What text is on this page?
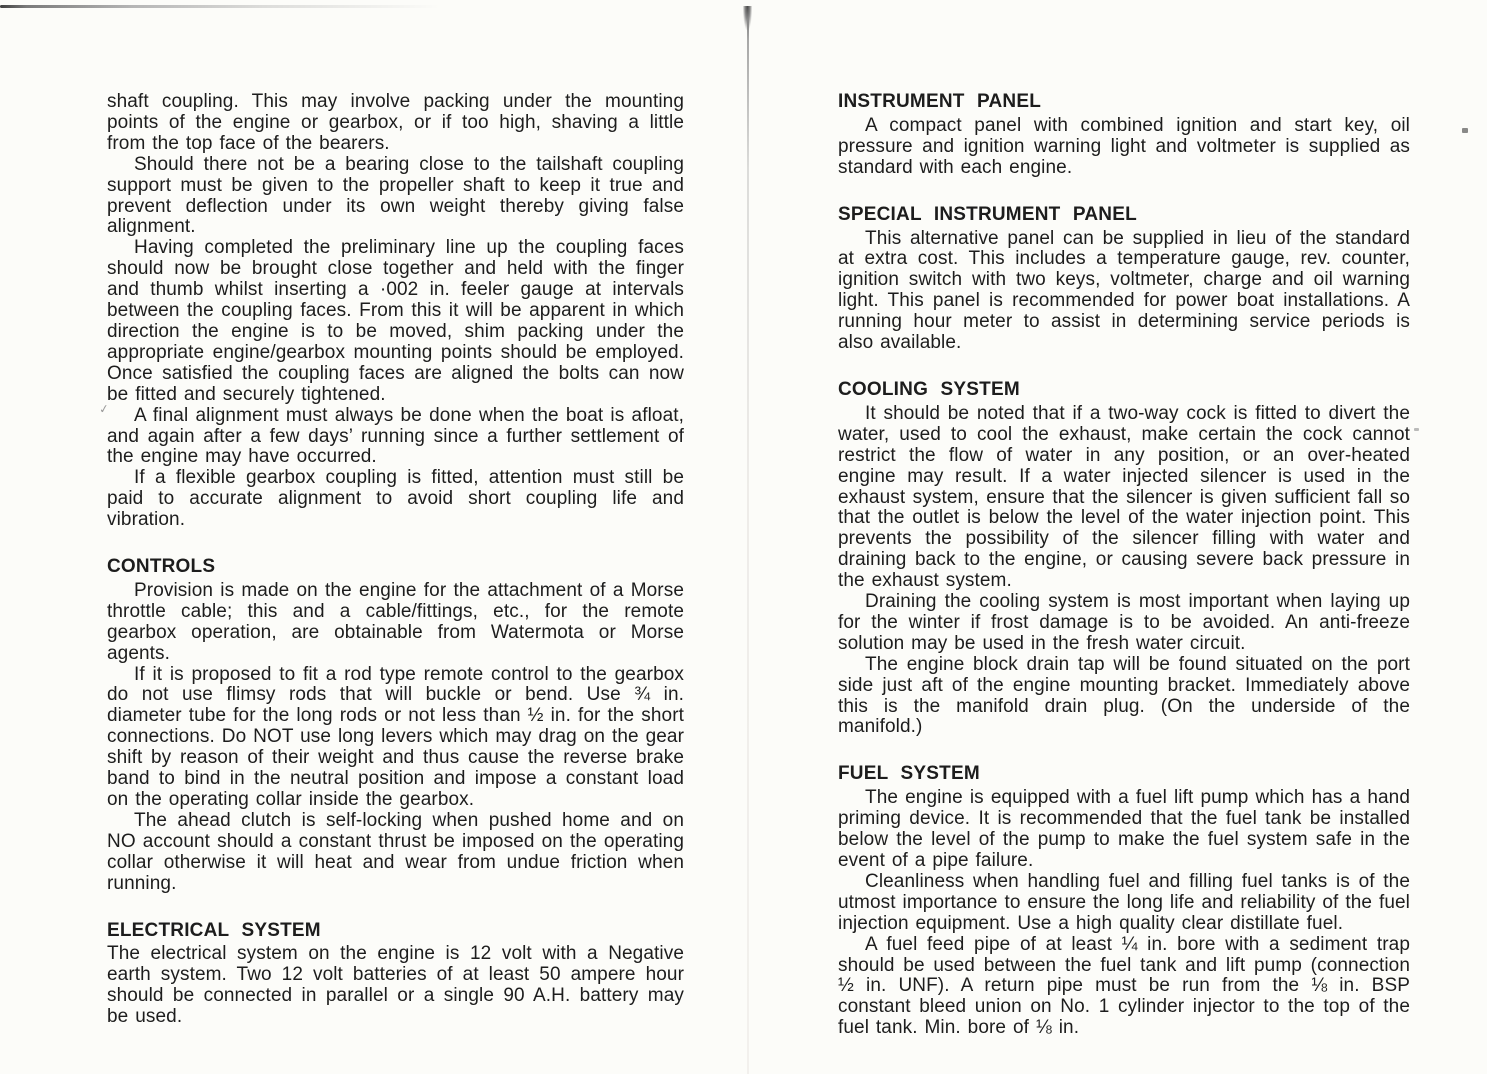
✓

shaft coupling. This may involve packing under the mounting points of the engine or gearbox, or if too high, shaving a little from the top face of the bearers.

Should there not be a bearing close to the tailshaft coupling support must be given to the propeller shaft to keep it true and prevent deflection under its own weight thereby giving false alignment.

Having completed the preliminary line up the coupling faces should now be brought close together and held with the finger and thumb whilst inserting a ·002 in. feeler gauge at intervals between the coupling faces. From this it will be apparent in which direction the engine is to be moved, shim packing under the appropriate engine/gearbox mounting points should be employed. Once satisfied the coupling faces are aligned the bolts can now be fitted and securely tightened.

A final alignment must always be done when the boat is afloat, and again after a few days’ running since a further settlement of the engine may have occurred.

If a flexible gearbox coupling is fitted, attention must still be paid to accurate alignment to avoid short coupling life and vibration.

CONTROLS

Provision is made on the engine for the attachment of a Morse throttle cable; this and a cable/fittings, etc., for the remote gearbox operation, are obtainable from Watermota or Morse agents.

If it is proposed to fit a rod type remote control to the gearbox do not use flimsy rods that will buckle or bend. Use ¾ in. diameter tube for the long rods or not less than ½ in. for the short connections. Do NOT use long levers which may drag on the gear shift by reason of their weight and thus cause the reverse brake band to bind in the neutral position and impose a constant load on the operating collar inside the gearbox.

The ahead clutch is self-locking when pushed home and on NO account should a constant thrust be imposed on the operating collar otherwise it will heat and wear from undue friction when running.

ELECTRICAL SYSTEM

The electrical system on the engine is 12 volt with a Negative earth system. Two 12 volt batteries of at least 50 ampere hour should be connected in parallel or a single 90 A.H. battery may be used.

INSTRUMENT PANEL

A compact panel with combined ignition and start key, oil pressure and ignition warning light and voltmeter is supplied as standard with each engine.

SPECIAL INSTRUMENT PANEL

This alternative panel can be supplied in lieu of the standard at extra cost. This includes a temperature gauge, rev. counter, ignition switch with two keys, voltmeter, charge and oil warning light. This panel is recommended for power boat installations. A running hour meter to assist in determining service periods is also available.

COOLING SYSTEM

It should be noted that if a two-way cock is fitted to divert the water, used to cool the exhaust, make certain the cock cannot restrict the flow of water in any position, or an over-heated engine may result. If a water injected silencer is used in the exhaust system, ensure that the silencer is given sufficient fall so that the outlet is below the level of the water injection point. This prevents the possibility of the silencer filling with water and draining back to the engine, or causing severe back pressure in the exhaust system.

Draining the cooling system is most important when laying up for the winter if frost damage is to be avoided. An anti-freeze solution may be used in the fresh water circuit.

The engine block drain tap will be found situated on the port side just aft of the engine mounting bracket. Immediately above this is the manifold drain plug. (On the underside of the manifold.)

FUEL SYSTEM

The engine is equipped with a fuel lift pump which has a hand priming device. It is recommended that the fuel tank be installed below the level of the pump to make the fuel system safe in the event of a pipe failure.

Cleanliness when handling fuel and filling fuel tanks is of the utmost importance to ensure the long life and reliability of the fuel injection equipment. Use a high quality clear distillate fuel.

A fuel feed pipe of at least ¼ in. bore with a sediment trap should be used between the fuel tank and lift pump (connection ½ in. UNF). A return pipe must be run from the ⅛ in. BSP constant bleed union on No. 1 cylinder injector to the top of the fuel tank. Min. bore of ⅛ in.
